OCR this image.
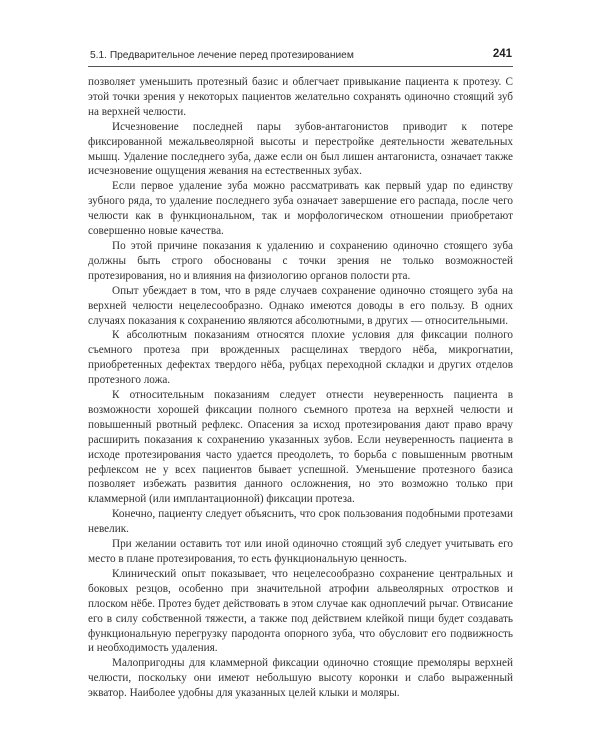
5.1. Предварительное лечение перед протезированием	241

позволяет уменьшить протезный базис и облегчает привыкание пациента к протезу. С этой точки зрения у некоторых пациентов желательно сохранять одиночно стоящий зуб на верхней челюсти.

Исчезновение последней пары зубов-антагонистов приводит к потере фиксированной межальвеолярной высоты и перестройке деятельности жевательных мышц. Удаление последнего зуба, даже если он был лишен антагониста, означает также исчезновение ощущения жевания на естественных зубах.

Если первое удаление зуба можно рассматривать как первый удар по единству зубного ряда, то удаление последнего зуба означает завершение его распада, после чего челюсти как в функциональном, так и морфологическом отношении приобретают совершенно новые качества.

По этой причине показания к удалению и сохранению одиночно стоящего зуба должны быть строго обоснованы с точки зрения не только возможностей протезирования, но и влияния на физиологию органов полости рта.

Опыт убеждает в том, что в ряде случаев сохранение одиночно стоящего зуба на верхней челюсти нецелесообразно. Однако имеются доводы в его пользу. В одних случаях показания к сохранению являются абсолютными, в других — относительными.

К абсолютным показаниям относятся плохие условия для фиксации полного съемного протеза при врожденных расщелинах твердого нёба, микрогнатии, приобретенных дефектах твердого нёба, рубцах переходной складки и других отделов протезного ложа.

К относительным показаниям следует отнести неуверенность пациента в возможности хорошей фиксации полного съемного протеза на верхней челюсти и повышенный рвотный рефлекс. Опасения за исход протезирования дают право врачу расширить показания к сохранению указанных зубов. Если неуверенность пациента в исходе протезирования часто удается преодолеть, то борьба с повышенным рвотным рефлексом не у всех пациентов бывает успешной. Уменьшение протезного базиса позволяет избежать развития данного осложнения, но это возможно только при кламмерной (или имплантационной) фиксации протеза.

Конечно, пациенту следует объяснить, что срок пользования подобными протезами невелик.

При желании оставить тот или иной одиночно стоящий зуб следует учитывать его место в плане протезирования, то есть функциональную ценность.

Клинический опыт показывает, что нецелесообразно сохранение центральных и боковых резцов, особенно при значительной атрофии альвеолярных отростков и плоском нёбе. Протез будет действовать в этом случае как одноплечий рычаг. Отвисание его в силу собственной тяжести, а также под действием клейкой пищи будет создавать функциональную перегрузку пародонта опорного зуба, что обусловит его подвижность и необходимость удаления.

Малопригодны для кламмерной фиксации одиночно стоящие премоляры верхней челюсти, поскольку они имеют небольшую высоту коронки и слабо выраженный экватор. Наиболее удобны для указанных целей клыки и моляры.
